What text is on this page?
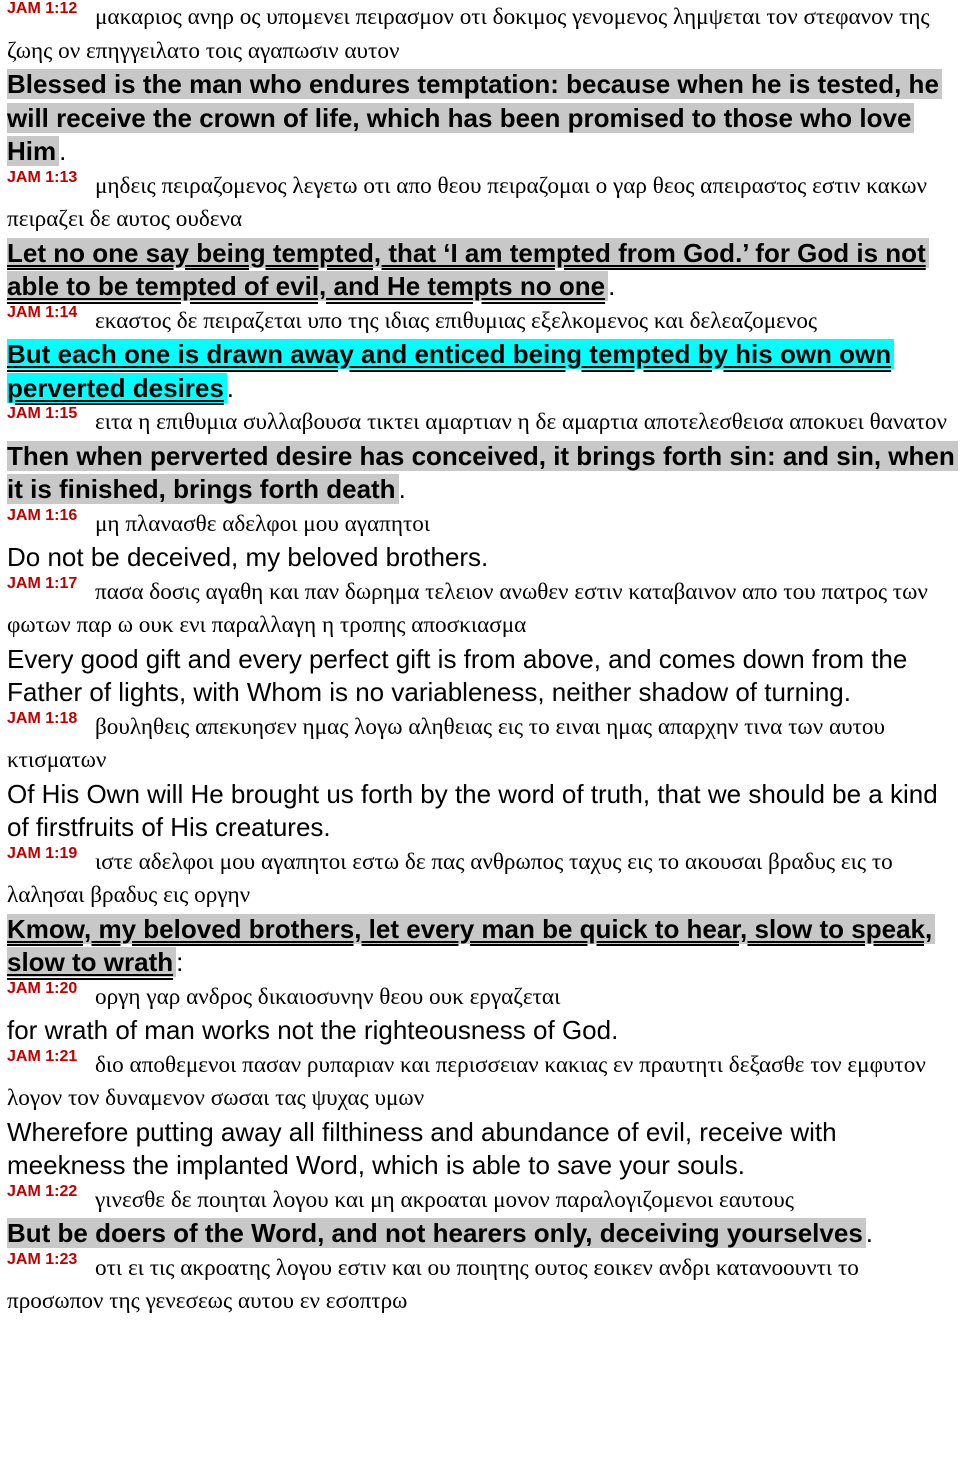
JAM 1:12 μακαριος ανηρ ος υπομενει πειρασμον οτι δοκιμος γενομενος λημψεται τον στεφανον της ζωης ον επηγγειλατο τοις αγαπωσιν αυτον
Blessed is the man who endures temptation: because when he is tested, he will receive the crown of life, which has been promised to those who love Him .
JAM 1:13 μηδεις πειραζομενος λεγετω οτι απο θεου πειραζομαι ο γαρ θεος απειραστος εστιν κακων πειραζει δε αυτος ουδενα
Let no one say being tempted, that ‘I am tempted from God.’ for God is not able to be tempted of evil, and He tempts no one .
JAM 1:14 εκαστος δε πειραζεται υπο της ιδιας επιθυμιας εξελκομενος και δελεαζομενος
But each one is drawn away and enticed being tempted by his own own perverted desires .
JAM 1:15 ειτα η επιθυμια συλλαβουσα τικτει αμαρτιαν η δε αμαρτια αποτελεσθεισα αποκυει θανατον
Then when perverted desire has conceived, it brings forth sin: and sin, when it is finished, brings forth death .
JAM 1:16 μη πλανασθε αδελφοι μου αγαπητοι
Do not be deceived, my beloved brothers.
JAM 1:17 πασα δοσις αγαθη και παν δωρημα τελειον ανωθεν εστιν καταβαινον απο του πατρος των φωτων παρ ω ουκ ενι παραλλαγη η τροπης αποσκιασμα
Every good gift and every perfect gift is from above, and comes down from the Father of lights, with Whom is no variableness, neither shadow of turning.
JAM 1:18 βουληθεις απεκυησεν ημας λογω αληθειας εις το ειναι ημας απαρχην τινα των αυτου κτισματων
Of His Own will He brought us forth by the word of truth, that we should be a kind of firstfruits of His creatures.
JAM 1:19 ιστε αδελφοι μου αγαπητοι εστω δε πας ανθρωπος ταχυς εις το ακουσαι βραδυς εις το λαλησαι βραδυς εις οργην
Kmow, my beloved brothers, let every man be quick to hear, slow to speak, slow to wrath :
JAM 1:20 οργη γαρ ανδρος δικαιοσυνην θεου ουκ εργαζεται
for wrath of man works not the righteousness of God.
JAM 1:21 διο αποθεμενοι πασαν ρυπαριαν και περισσειαν κακιας εν πραυτητι δεξασθε τον εμφυτον λογον τον δυναμενον σωσαι τας ψυχας υμων
Wherefore putting away all filthiness and abundance of evil, receive with meekness the implanted Word, which is able to save your souls.
JAM 1:22 γινεσθε δε ποιηται λογου και μη ακροαται μονον παραλογιζομενοι εαυτους
But be doers of the Word, and not hearers only, deceiving yourselves .
JAM 1:23 οτι ει τις ακροατης λογου εστιν και ου ποιητης ουτος εοικεν ανδρι κατανοουντι το προσωπον της γενεσεως αυτου εν εσοπτρω
